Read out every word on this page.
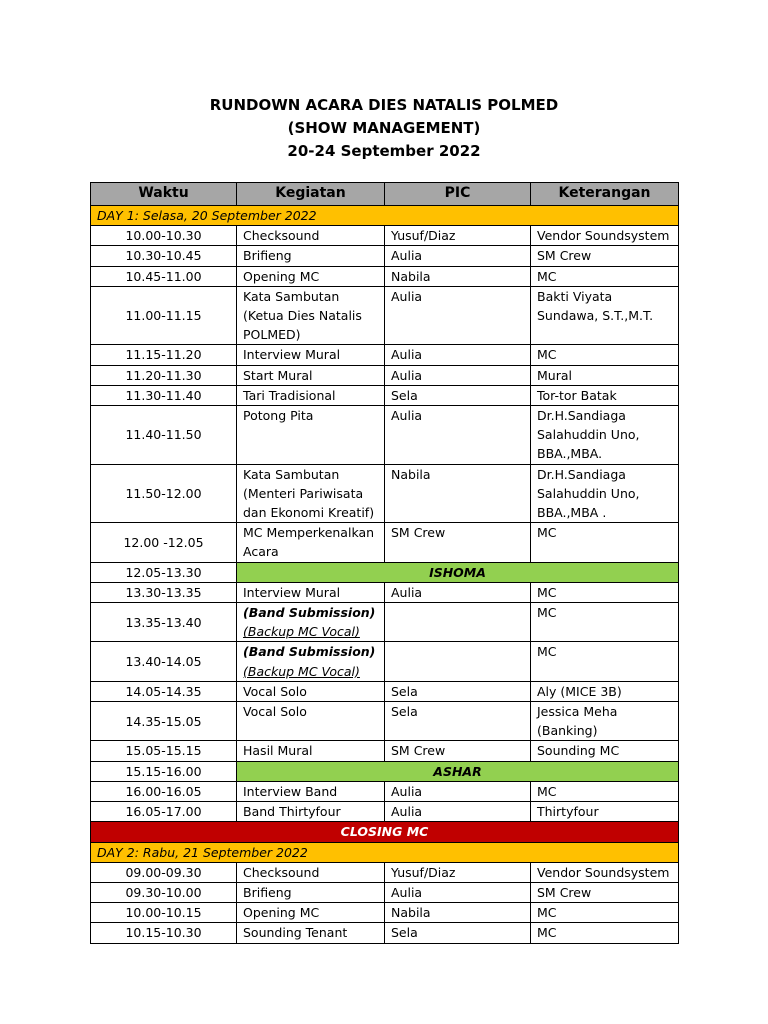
RUNDOWN ACARA DIES NATALIS POLMED
(SHOW MANAGEMENT)
20-24 September 2022
Waktu	Kegiatan	PIC	Keterangan
DAY 1: Selasa, 20 September 2022			
10.00-10.30	Checksound	Yusuf/Diaz	Vendor Soundsystem

10.30-10.45	Brifieng	Aulia	SM Crew

10.45-11.00	Opening MC	Nabila	MC

11.00-11.15	Kata Sambutan
(Ketua Dies Natalis
POLMED)	Aulia	Bakti Viyata
Sundawa, S.T.,M.T.

11.15-11.20	Interview Mural	Aulia	MC

11.20-11.30	Start Mural	Aulia	Mural

11.30-11.40	Tari Tradisional	Sela	Tor-tor Batak

11.40-11.50	Potong Pita	Aulia	Dr.H.Sandiaga
Salahuddin Uno,
BBA.,MBA.

11.50-12.00	Kata Sambutan
(Menteri Pariwisata
dan Ekonomi Kreatif)	Nabila	Dr.H.Sandiaga
Salahuddin Uno,
BBA.,MBA .

12.00 -12.05	MC Memperkenalkan
Acara	SM Crew	MC

12.05-13.30	ISHOMA		
13.30-13.35	Interview Mural	Aulia	MC

13.35-13.40	(Band Submission)
(Backup MC Vocal)		MC

13.40-14.05	(Band Submission)
(Backup MC Vocal)		MC

14.05-14.35	Vocal Solo	Sela	Aly (MICE 3B)

14.35-15.05	Vocal Solo	Sela	Jessica Meha
(Banking)

15.05-15.15	Hasil Mural	SM Crew	Sounding MC

15.15-16.00	ASHAR		
16.00-16.05	Interview Band	Aulia	MC

16.05-17.00	Band Thirtyfour	Aulia	Thirtyfour

CLOSING MC			
DAY 2: Rabu, 21 September 2022			
09.00-09.30	Checksound	Yusuf/Diaz	Vendor Soundsystem

09.30-10.00	Brifieng	Aulia	SM Crew

10.00-10.15	Opening MC	Nabila	MC

10.15-10.30	Sounding Tenant	Sela	MC
